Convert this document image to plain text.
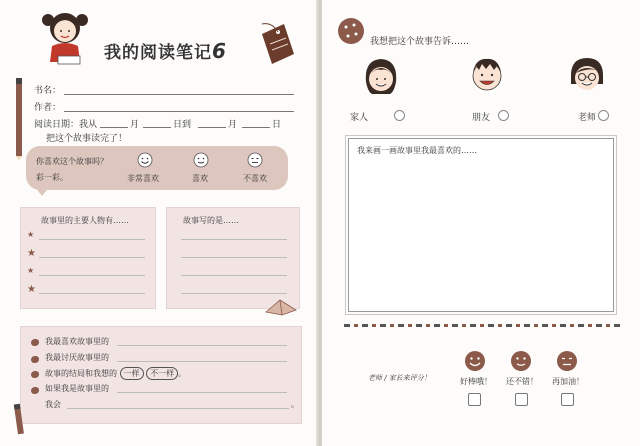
我的阅读笔记6
书名：
作者：
阅读日期：我从	月	日到	月	日
把这个故事读完了！
你喜欢这个故事吗？
彩一彩。	非常喜欢	喜欢	不喜欢
故事里的主要人物有……
★
★
★
★
故事写的是……
我最喜欢故事里的
我最讨厌故事里的
故事的结局和我想的 一样 不一样 。
如果我是故事里的
我会	。
我想把这个故事告诉……
家人	朋友	老师
我来画一画故事里我最喜欢的……
老师 / 家长来评分！	好棒哦！ 还不错！ 再加油！
